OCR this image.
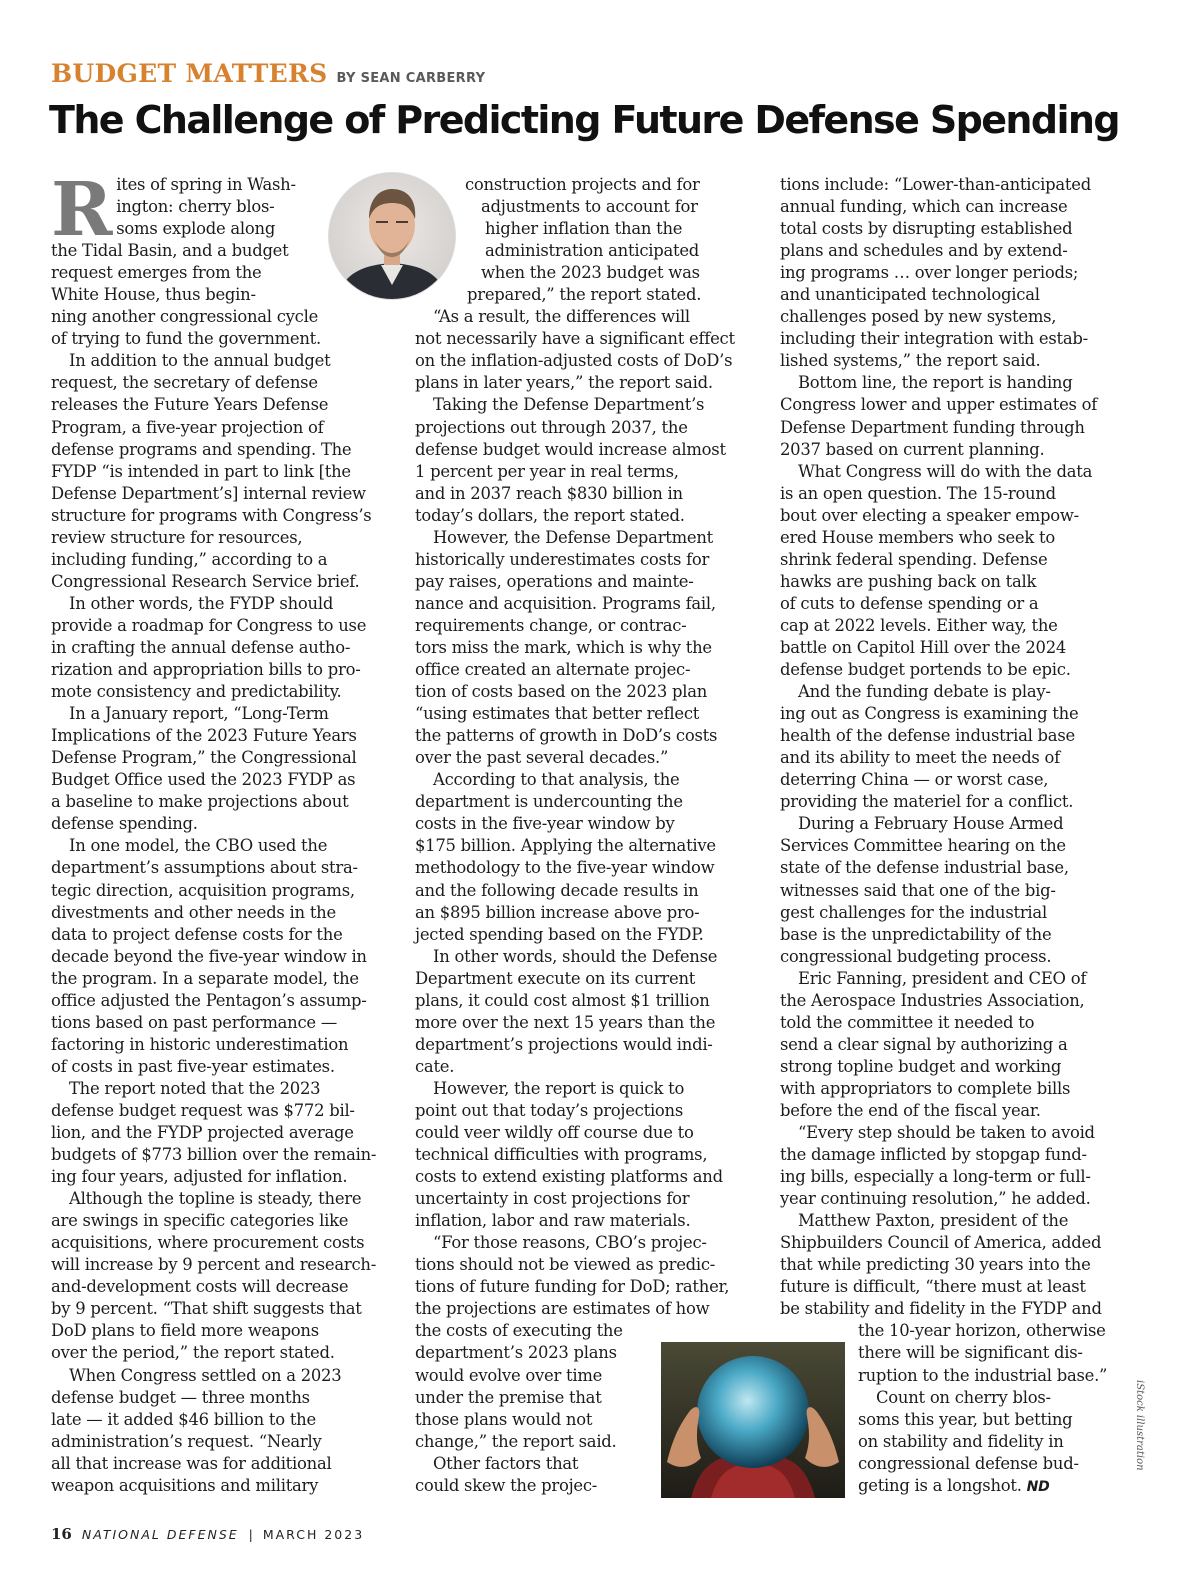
BUDGET MATTERS BY SEAN CARBERRY
The Challenge of Predicting Future Defense Spending
R ites of spring in Wash-
ington: cherry blos-
soms explode along
the Tidal Basin, and a budget
request emerges from the
White House, thus begin-
ning another congressional cycle
of trying to fund the government.
In addition to the annual budget
request, the secretary of defense
releases the Future Years Defense
Program, a five-year projection of
defense programs and spending. The
FYDP “is intended in part to link [the
Defense Department’s] internal review
structure for programs with Congress’s
review structure for resources,
including funding,” according to a
Congressional Research Service brief.
In other words, the FYDP should
provide a roadmap for Congress to use
in crafting the annual defense autho-
rization and appropriation bills to pro-
mote consistency and predictability.
In a January report, “Long-Term
Implications of the 2023 Future Years
Defense Program,” the Congressional
Budget Office used the 2023 FYDP as
a baseline to make projections about
defense spending.
In one model, the CBO used the
department’s assumptions about stra-
tegic direction, acquisition programs,
divestments and other needs in the
data to project defense costs for the
decade beyond the five-year window in
the program. In a separate model, the
office adjusted the Pentagon’s assump-
tions based on past performance —
factoring in historic underestimation
of costs in past five-year estimates.
The report noted that the 2023
defense budget request was $772 bil-
lion, and the FYDP projected average
budgets of $773 billion over the remain-
ing four years, adjusted for inflation.
Although the topline is steady, there
are swings in specific categories like
acquisitions, where procurement costs
will increase by 9 percent and research-
and-development costs will decrease
by 9 percent. “That shift suggests that
DoD plans to field more weapons
over the period,” the report stated.
When Congress settled on a 2023
defense budget — three months
late — it added $46 billion to the
administration’s request. “Nearly
all that increase was for additional
weapon acquisitions and military
construction projects and for
adjustments to account for
higher inflation than the
administration anticipated
when the 2023 budget was
prepared,” the report stated.
“As a result, the differences will
not necessarily have a significant effect
on the inflation-adjusted costs of DoD’s
plans in later years,” the report said.
Taking the Defense Department’s
projections out through 2037, the
defense budget would increase almost
1 percent per year in real terms,
and in 2037 reach $830 billion in
today’s dollars, the report stated.
However, the Defense Department
historically underestimates costs for
pay raises, operations and mainte-
nance and acquisition. Programs fail,
requirements change, or contrac-
tors miss the mark, which is why the
office created an alternate projec-
tion of costs based on the 2023 plan
“using estimates that better reflect
the patterns of growth in DoD’s costs
over the past several decades.”
According to that analysis, the
department is undercounting the
costs in the five-year window by
$175 billion. Applying the alternative
methodology to the five-year window
and the following decade results in
an $895 billion increase above pro-
jected spending based on the FYDP.
In other words, should the Defense
Department execute on its current
plans, it could cost almost $1 trillion
more over the next 15 years than the
department’s projections would indi-
cate.
However, the report is quick to
point out that today’s projections
could veer wildly off course due to
technical difficulties with programs,
costs to extend existing platforms and
uncertainty in cost projections for
inflation, labor and raw materials.
“For those reasons, CBO’s projec-
tions should not be viewed as predic-
tions of future funding for DoD; rather,
the projections are estimates of how
the costs of executing the
department’s 2023 plans
would evolve over time
under the premise that
those plans would not
change,” the report said.
Other factors that
could skew the projec-
tions include: “Lower-than-anticipated
annual funding, which can increase
total costs by disrupting established
plans and schedules and by extend-
ing programs … over longer periods;
and unanticipated technological
challenges posed by new systems,
including their integration with estab-
lished systems,” the report said.
Bottom line, the report is handing
Congress lower and upper estimates of
Defense Department funding through
2037 based on current planning.
What Congress will do with the data
is an open question. The 15-round
bout over electing a speaker empow-
ered House members who seek to
shrink federal spending. Defense
hawks are pushing back on talk
of cuts to defense spending or a
cap at 2022 levels. Either way, the
battle on Capitol Hill over the 2024
defense budget portends to be epic.
And the funding debate is play-
ing out as Congress is examining the
health of the defense industrial base
and its ability to meet the needs of
deterring China — or worst case,
providing the materiel for a conflict.
During a February House Armed
Services Committee hearing on the
state of the defense industrial base,
witnesses said that one of the big-
gest challenges for the industrial
base is the unpredictability of the
congressional budgeting process.
Eric Fanning, president and CEO of
the Aerospace Industries Association,
told the committee it needed to
send a clear signal by authorizing a
strong topline budget and working
with appropriators to complete bills
before the end of the fiscal year.
“Every step should be taken to avoid
the damage inflicted by stopgap fund-
ing bills, especially a long-term or full-
year continuing resolution,” he added.
Matthew Paxton, president of the
Shipbuilders Council of America, added
that while predicting 30 years into the
future is difficult, “there must at least
be stability and fidelity in the FYDP and
the 10-year horizon, otherwise
there will be significant dis-
ruption to the industrial base.”
Count on cherry blos-
soms this year, but betting
on stability and fidelity in
congressional defense bud-
geting is a longshot. ND
iStock illustration
16 NATIONAL DEFENSE | MARCH 2023
